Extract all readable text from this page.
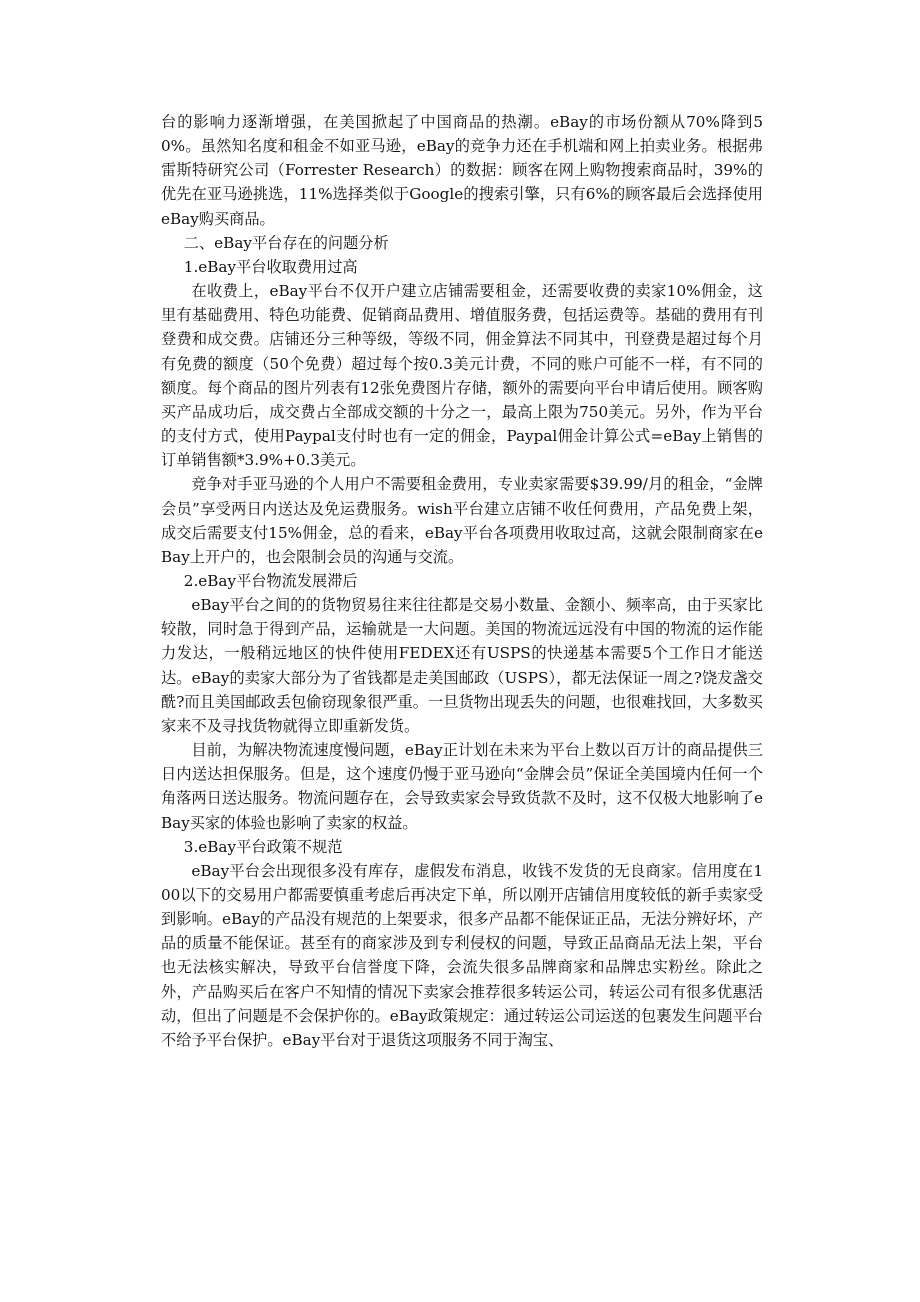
台的影响力逐渐增强，在美国掀起了中国商品的热潮。eBay的市场份额从70%降到50%。虽然知名度和租金不如亚马逊，eBay的竞争力还在手机端和网上拍卖业务。根据弗雷斯特研究公司（Forrester Research）的数据：顾客在网上购物搜索商品时，39%的优先在亚马逊挑选，11%选择类似于Google的搜索引擎，只有6%的顾客最后会选择使用eBay购买商品。

二、eBay平台存在的问题分析

1.eBay平台收取费用过高

在收费上，eBay平台不仅开户建立店铺需要租金，还需要收费的卖家10%佣金，这里有基础费用、特色功能费、促销商品费用、增值服务费，包括运费等。基础的费用有刊登费和成交费。店铺还分三种等级，等级不同，佣金算法不同其中，刊登费是超过每个月有免费的额度（50个免费）超过每个按0.3美元计费，不同的账户可能不一样，有不同的额度。每个商品的图片列表有12张免费图片存储，额外的需要向平台申请后使用。顾客购买产品成功后，成交费占全部成交额的十分之一，最高上限为750美元。另外，作为平台的支付方式，使用Paypal支付时也有一定的佣金，Paypal佣金计算公式=eBay上销售的订单销售额*3.9%+0.3美元。

竞争对手亚马逊的个人用户不需要租金费用，专业卖家需要$39.99/月的租金，“金牌会员”享受两日内送达及免运费服务。wish平台建立店铺不收任何费用，产品免费上架，成交后需要支付15%佣金，总的看来，eBay平台各项费用收取过高，这就会限制商家在eBay上开户的，也会限制会员的沟通与交流。

2.eBay平台物流发展滞后

eBay平台之间的的货物贸易往来往往都是交易小数量、金额小、频率高，由于买家比较散，同时急于得到产品，运输就是一大问题。美国的物流远远没有中国的物流的运作能力发达，一般稍远地区的快件使用FEDEX还有USPS的快递基本需要5个工作日才能送达。eBay的卖家大部分为了省钱都是走美国邮政（USPS），都无法保证一周之?饶犮盏交酰?而且美国邮政丢包偷窃现象很严重。一旦货物出现丢失的问题，也很难找回，大多数买家来不及寻找货物就得立即重新发货。

目前，为解决物流速度慢问题，eBay正计划在未来为平台上数以百万计的商品提供三日内送达担保服务。但是，这个速度仍慢于亚马逊向“金牌会员”保证全美国境内任何一个角落两日送达服务。物流问题存在，会导致卖家会导致货款不及时，这不仅极大地影响了eBay买家的体验也影响了卖家的权益。

3.eBay平台政策不规范

eBay平台会出现很多没有库存，虚假发布消息，收钱不发货的无良商家。信用度在100以下的交易用户都需要慎重考虑后再决定下单，所以刚开店铺信用度较低的新手卖家受到影响。eBay的产品没有规范的上架要求，很多产品都不能保证正品，无法分辨好坏，产品的质量不能保证。甚至有的商家涉及到专利侵权的问题，导致正品商品无法上架，平台也无法核实解决，导致平台信誉度下降，会流失很多品牌商家和品牌忠实粉丝。除此之外，产品购买后在客户不知情的情况下卖家会推荐很多转运公司，转运公司有很多优惠活动，但出了问题是不会保护你的。eBay政策规定：通过转运公司运送的包裹发生问题平台不给予平台保护。eBay平台对于退货这项服务不同于淘宝、
